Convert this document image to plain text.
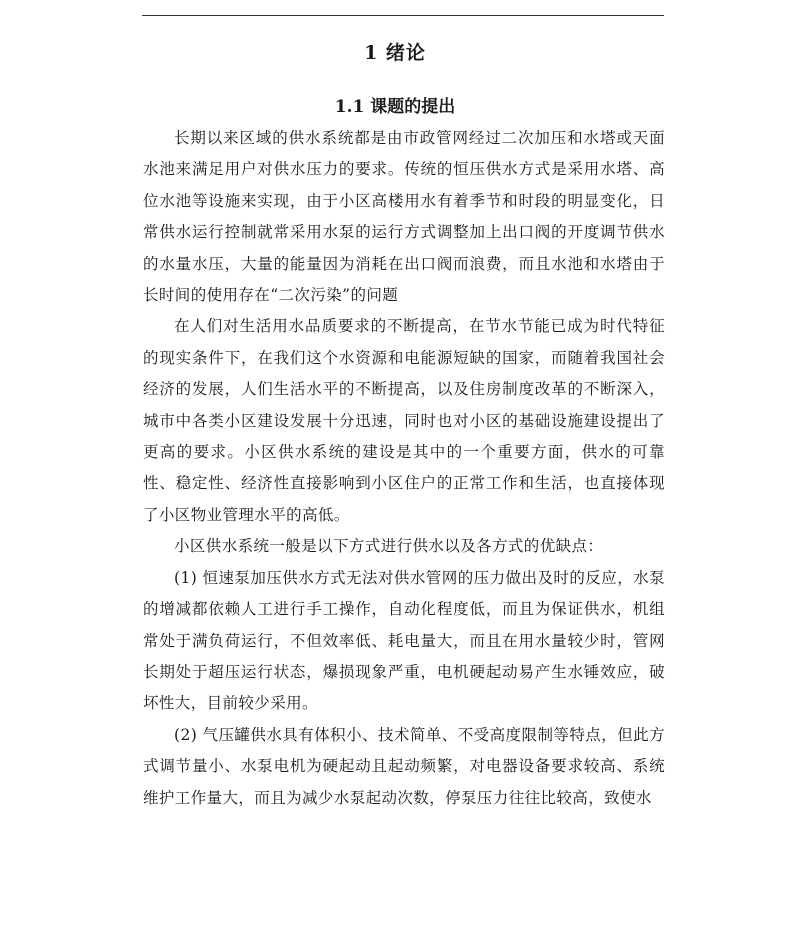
1 绪论
1.1 课题的提出

长期以来区域的供水系统都是由市政管网经过二次加压和水塔或天面水池来满足用户对供水压力的要求。传统的恒压供水方式是采用水塔、高位水池等设施来实现，由于小区高楼用水有着季节和时段的明显变化，日常供水运行控制就常采用水泵的运行方式调整加上出口阀的开度调节供水的水量水压，大量的能量因为消耗在出口阀而浪费，而且水池和水塔由于长时间的使用存在“二次污染”的问题

在人们对生活用水品质要求的不断提高，在节水节能已成为时代特征的现实条件下，在我们这个水资源和电能源短缺的国家，而随着我国社会经济的发展，人们生活水平的不断提高，以及住房制度改革的不断深入，城市中各类小区建设发展十分迅速，同时也对小区的基础设施建设提出了更高的要求。小区供水系统的建设是其中的一个重要方面，供水的可靠性、稳定性、经济性直接影响到小区住户的正常工作和生活，也直接体现了小区物业管理水平的高低。

小区供水系统一般是以下方式进行供水以及各方式的优缺点：

(1) 恒速泵加压供水方式无法对供水管网的压力做出及时的反应，水泵的增减都依赖人工进行手工操作，自动化程度低，而且为保证供水，机组常处于满负荷运行，不但效率低、耗电量大，而且在用水量较少时，管网长期处于超压运行状态，爆损现象严重，电机硬起动易产生水锤效应，破坏性大，目前较少采用。

(2) 气压罐供水具有体积小、技术简单、不受高度限制等特点，但此方式调节量小、水泵电机为硬起动且起动频繁，对电器设备要求较高、系统维护工作量大，而且为减少水泵起动次数，停泵压力往往比较高，致使水
